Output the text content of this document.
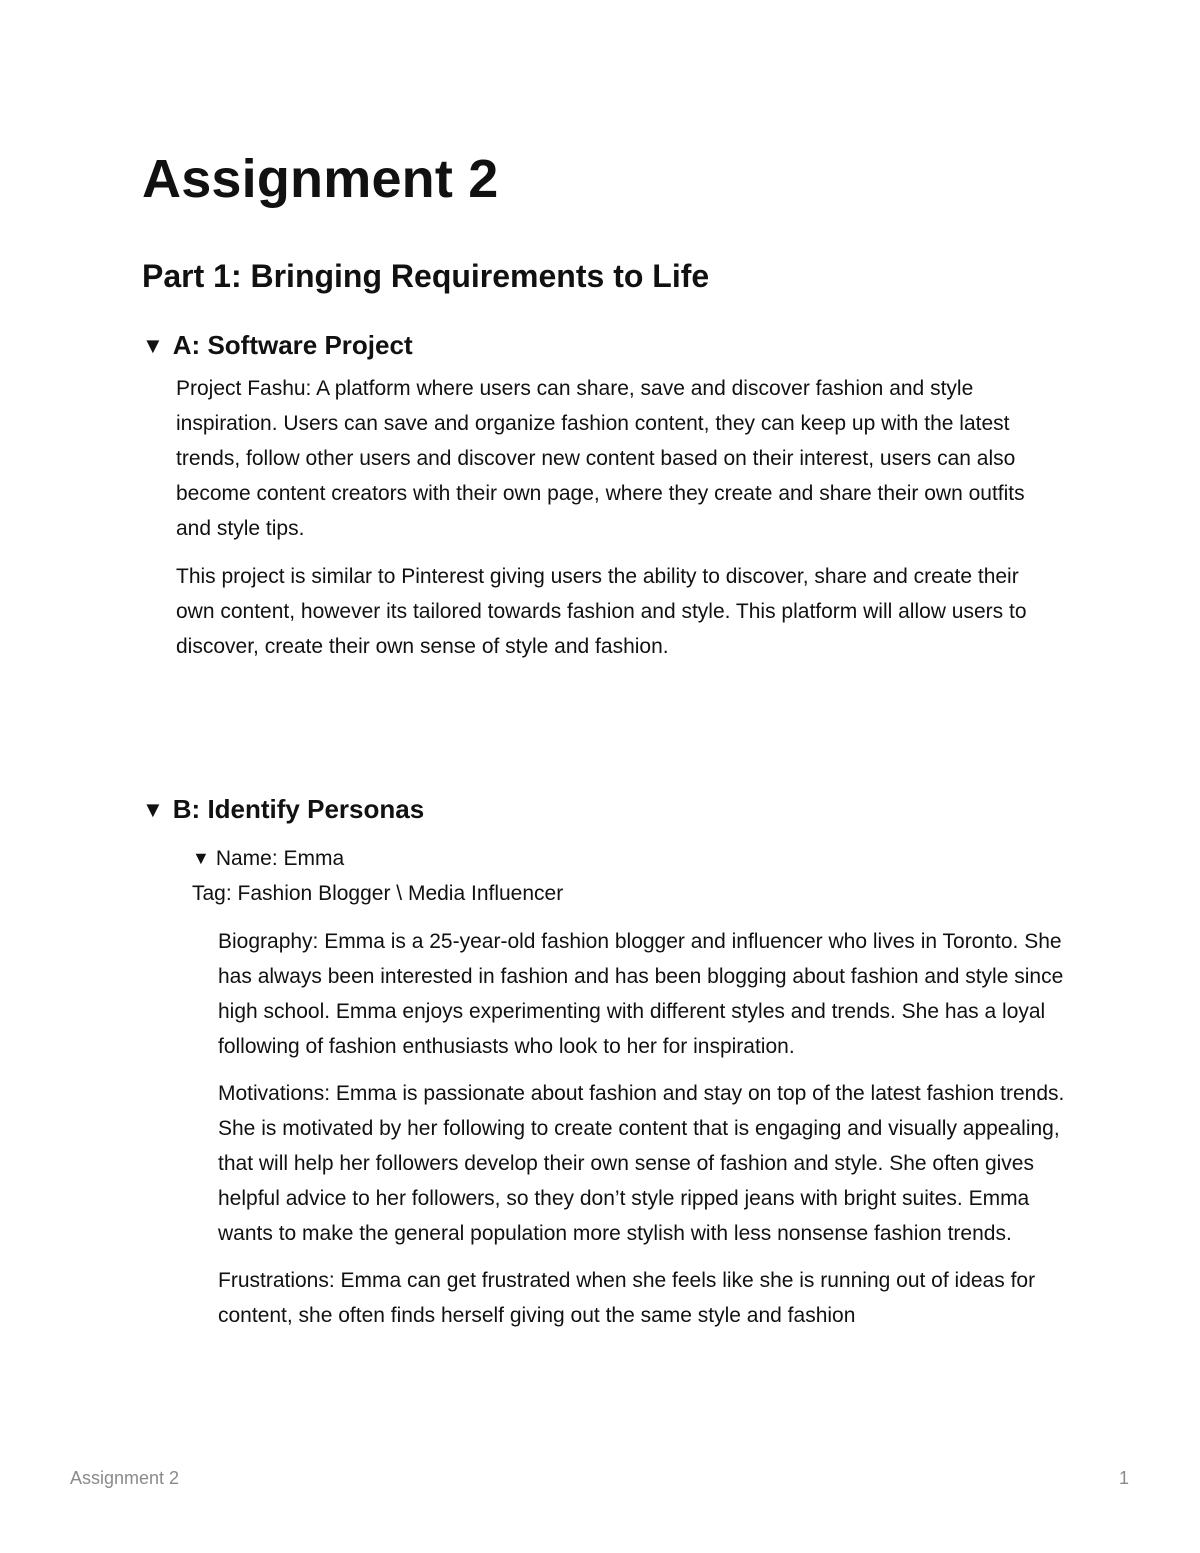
Assignment 2
Part 1: Bringing Requirements to Life
▼ A: Software Project

Project Fashu: A platform where users can share, save and discover fashion and style inspiration. Users can save and organize fashion content, they can keep up with the latest trends, follow other users and discover new content based on their interest, users can also become content creators with their own page, where they create and share their own outfits and style tips.

This project is similar to Pinterest giving users the ability to discover, share and create their own content, however its tailored towards fashion and style. This platform will allow users to discover, create their own sense of style and fashion.

▼ B: Identify Personas
▼ Name: Emma
Tag: Fashion Blogger \ Media Influencer

Biography: Emma is a 25-year-old fashion blogger and influencer who lives in Toronto. She has always been interested in fashion and has been blogging about fashion and style since high school. Emma enjoys experimenting with different styles and trends. She has a loyal following of fashion enthusiasts who look to her for inspiration.

Motivations: Emma is passionate about fashion and stay on top of the latest fashion trends. She is motivated by her following to create content that is engaging and visually appealing, that will help her followers develop their own sense of fashion and style. She often gives helpful advice to her followers, so they don’t style ripped jeans with bright suites. Emma wants to make the general population more stylish with less nonsense fashion trends.

Frustrations: Emma can get frustrated when she feels like she is running out of ideas for content, she often finds herself giving out the same style and fashion

Assignment 2	1
